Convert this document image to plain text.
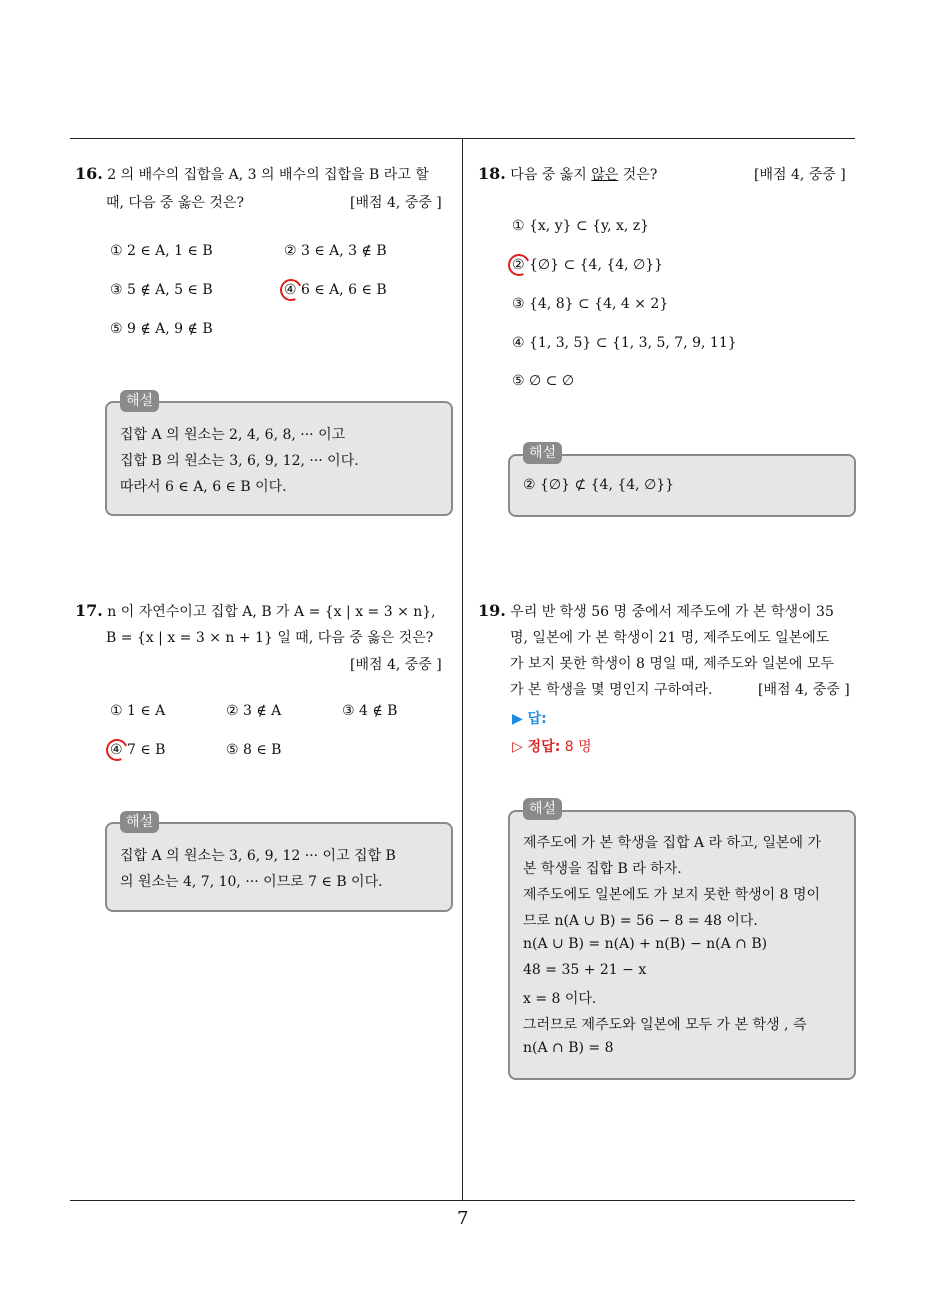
7
16. 2 의 배수의 집합을 A, 3 의 배수의 집합을 B 라고 할
때, 다음 중 옳은 것은?	[배점 4, 중중 ]
① 2 ∈ A, 1 ∈ B	② 3 ∈ A, 3 ∉ B
③ 5 ∉ A, 5 ∈ B	④ 6 ∈ A, 6 ∈ B
⑤ 9 ∉ A, 9 ∉ B
해설
집합 A 의 원소는 2, 4, 6, 8, ··· 이고
집합 B 의 원소는 3, 6, 9, 12, ··· 이다.
따라서 6 ∈ A, 6 ∈ B 이다.
17. n 이 자연수이고 집합 A, B 가 A = {x | x = 3 × n},
B = {x | x = 3 × n + 1} 일 때, 다음 중 옳은 것은?
[배점 4, 중중 ]
① 1 ∈ A	② 3 ∉ A	③ 4 ∉ B
④ 7 ∈ B	⑤ 8 ∈ B
해설
집합 A 의 원소는 3, 6, 9, 12 ··· 이고 집합 B
의 원소는 4, 7, 10, ··· 이므로 7 ∈ B 이다.
18. 다음 중 옳지 않은 것은?	[배점 4, 중중 ]
① {x, y} ⊂ {y, x, z}
② {∅} ⊂ {4, {4, ∅}}
③ {4, 8} ⊂ {4, 4 × 2}
④ {1, 3, 5} ⊂ {1, 3, 5, 7, 9, 11}
⑤ ∅ ⊂ ∅
해설
② {∅} ⊄ {4, {4, ∅}}
19. 우리 반 학생 56 명 중에서 제주도에 가 본 학생이 35
명, 일본에 가 본 학생이 21 명, 제주도에도 일본에도
가 보지 못한 학생이 8 명일 때, 제주도와 일본에 모두
가 본 학생을 몇 명인지 구하여라.	[배점 4, 중중 ]
▶ 답:
▷ 정답: 8 명
해설
제주도에 가 본 학생을 집합 A 라 하고, 일본에 가
본 학생을 집합 B 라 하자.
제주도에도 일본에도 가 보지 못한 학생이 8 명이
므로 n(A ∪ B) = 56 − 8 = 48 이다.
n(A ∪ B) = n(A) + n(B) − n(A ∩ B)
48 = 35 + 21 − x
x = 8 이다.
그러므로 제주도와 일본에 모두 가 본 학생 , 즉
n(A ∩ B) = 8
